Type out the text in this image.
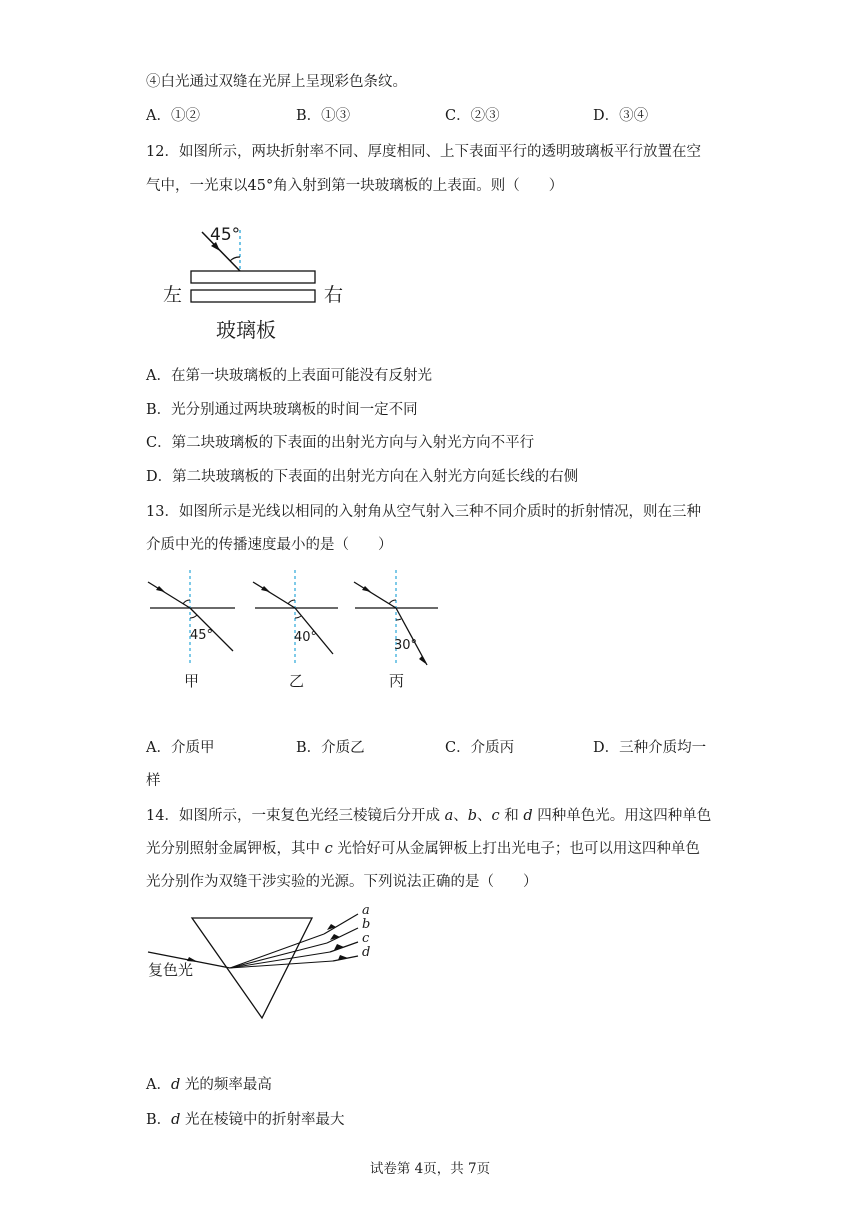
④白光通过双缝在光屏上呈现彩色条纹。
A．①②	B．①③	C．②③	D．③④
12．如图所示，两块折射率不同、厚度相同、上下表面平行的透明玻璃板平行放置在空
气中，一光束以45°角入射到第一块玻璃板的上表面。则（　　）
45°
左	右
玻璃板
A．在第一块玻璃板的上表面可能没有反射光
B．光分别通过两块玻璃板的时间一定不同
C．第二块玻璃板的下表面的出射光方向与入射光方向不平行
D．第二块玻璃板的下表面的出射光方向在入射光方向延长线的右侧
13．如图所示是光线以相同的入射角从空气射入三种不同介质时的折射情况，则在三种
介质中光的传播速度最小的是（　　）
45°	40°
30°
甲	乙	丙
A．介质甲	B．介质乙	C．介质丙	D．三种介质均一
样
14．如图所示，一束复色光经三棱镜后分开成 a、b、c 和 d 四种单色光。用这四种单色
光分别照射金属钾板，其中 c 光恰好可从金属钾板上打出光电子；也可以用这四种单色
光分别作为双缝干涉实验的光源。下列说法正确的是（　　）
a
b
c
d
复色光
A．d 光的频率最高
B．d 光在棱镜中的折射率最大
试卷第 4页，共 7页
